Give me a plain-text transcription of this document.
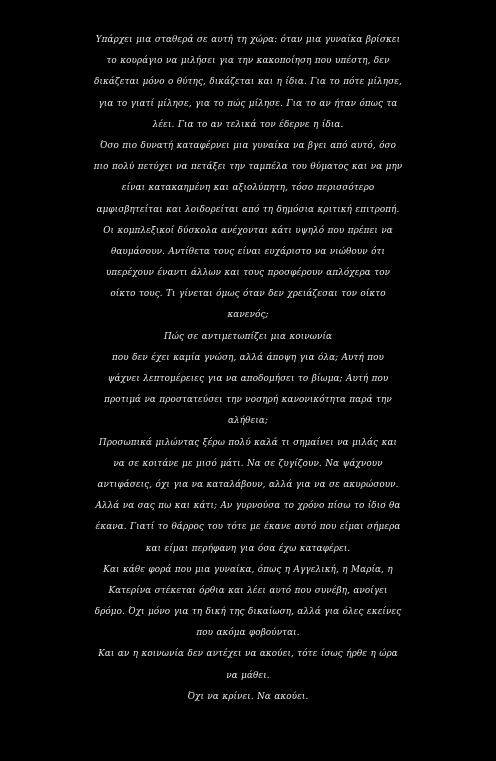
Υπάρχει μια σταθερά σε αυτή τη χώρα: όταν μια γυναίκα βρίσκει
το κουράγιο να μιλήσει για την κακοποίηση που υπέστη, δεν
δικάζεται μόνο ο θύτης, δικάζεται και η ίδια. Για το πότε μίλησε,
για το γιατί μίλησε, για το πώς μίλησε. Για το αν ήταν όπως τα
λέει. Για το αν τελικά τον έδερνε η ίδια.
Όσο πιο δυνατή καταφέρνει μια γυναίκα να βγει από αυτό, όσο
πιο πολύ πετύχει να πετάξει την ταμπέλα του θύματος και να μην
είναι κατακαημένη και αξιολύπητη, τόσο περισσότερο
αμφισβητείται και λοιδορείται από τη δημόσια κριτική επιτροπή.
Οι κομπλεξικοί δύσκολα ανέχονται κάτι υψηλό που πρέπει να
θαυμάσουν. Αντίθετα τους είναι ευχάριστο να νιώθουν ότι
υπερέχουν έναντι άλλων και τους προσφέρουν απλόχερα τον
οίκτο τους. Τι γίνεται όμως όταν δεν χρειάζεσαι τον οίκτο
κανενός;
Πώς σε αντιμετωπίζει μια κοινωνία
που δεν έχει καμία γνώση, αλλά άποψη για όλα; Αυτή που
ψάχνει λεπτομέρειες για να αποδομήσει το βίωμα; Αυτή που
προτιμά να προστατεύσει την νοσηρή κανονικότητα παρά την
αλήθεια;
Προσωπικά μιλώντας ξέρω πολύ καλά τι σημαίνει να μιλάς και
να σε κοιτάνε με μισό μάτι. Να σε ζυγίζουν. Να ψάχνουν
αντιφάσεις, όχι για να καταλάβουν, αλλά για να σε ακυρώσουν.
Αλλά να σας πω και κάτι; Αν γυρνούσα το χρόνο πίσω το ίδιο θα
έκανα. Γιατί το θάρρος του τότε με έκανε αυτό που είμαι σήμερα
και είμαι περήφανη για όσα έχω καταφέρει.
Και κάθε φορά που μια γυναίκα, όπως η Αγγελική, η Μαρία, η
Κατερίνα στέκεται όρθια και λέει αυτό που συνέβη, ανοίγει
δρόμο. Όχι μόνο για τη δική της δικαίωση, αλλά για όλες εκείνες
που ακόμα φοβούνται.
Και αν η κοινωνία δεν αντέχει να ακούει, τότε ίσως ήρθε η ώρα
να μάθει.
Όχι να κρίνει. Να ακούει.
